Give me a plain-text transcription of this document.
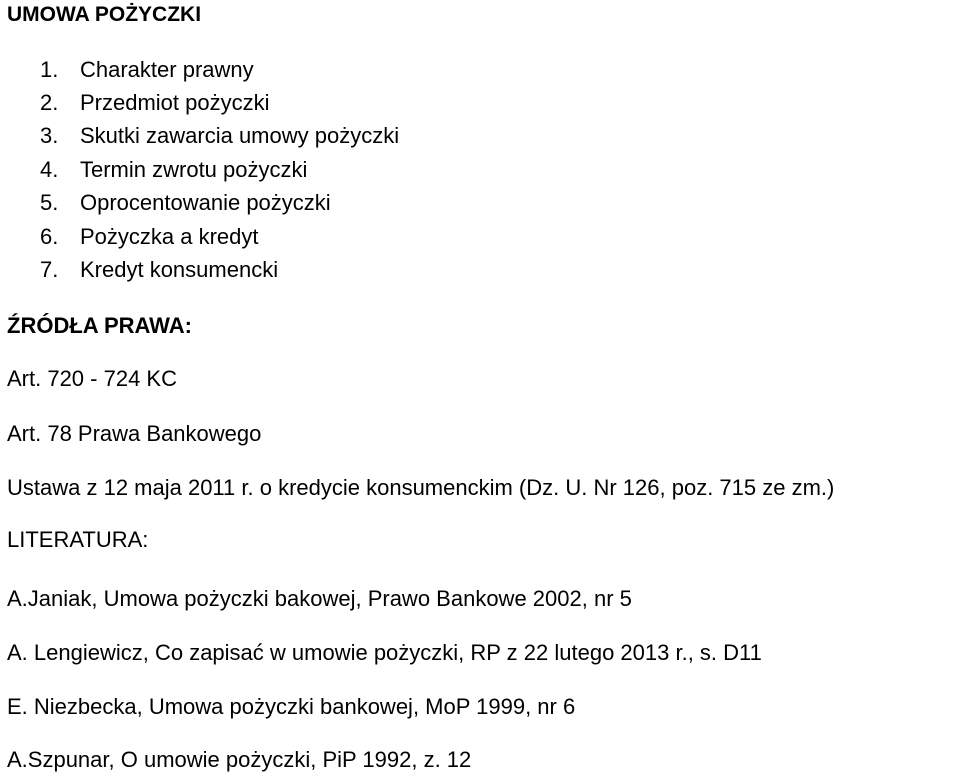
UMOWA POŻYCZKI
1. Charakter prawny
2. Przedmiot pożyczki
3. Skutki zawarcia umowy pożyczki
4. Termin zwrotu pożyczki
5. Oprocentowanie pożyczki
6. Pożyczka a kredyt
7. Kredyt konsumencki
ŹRÓDŁA PRAWA:

Art. 720 - 724 KC

Art. 78 Prawa Bankowego

Ustawa z 12 maja 2011 r. o kredycie konsumenckim (Dz. U. Nr 126, poz. 715 ze zm.)

LITERATURA:

A.Janiak, Umowa pożyczki bakowej, Prawo Bankowe 2002, nr 5

A. Lengiewicz, Co zapisać w umowie pożyczki, RP z 22 lutego 2013 r., s. D11

E. Niezbecka, Umowa pożyczki bankowej, MoP 1999, nr 6

A.Szpunar, O umowie pożyczki, PiP 1992, z. 12
